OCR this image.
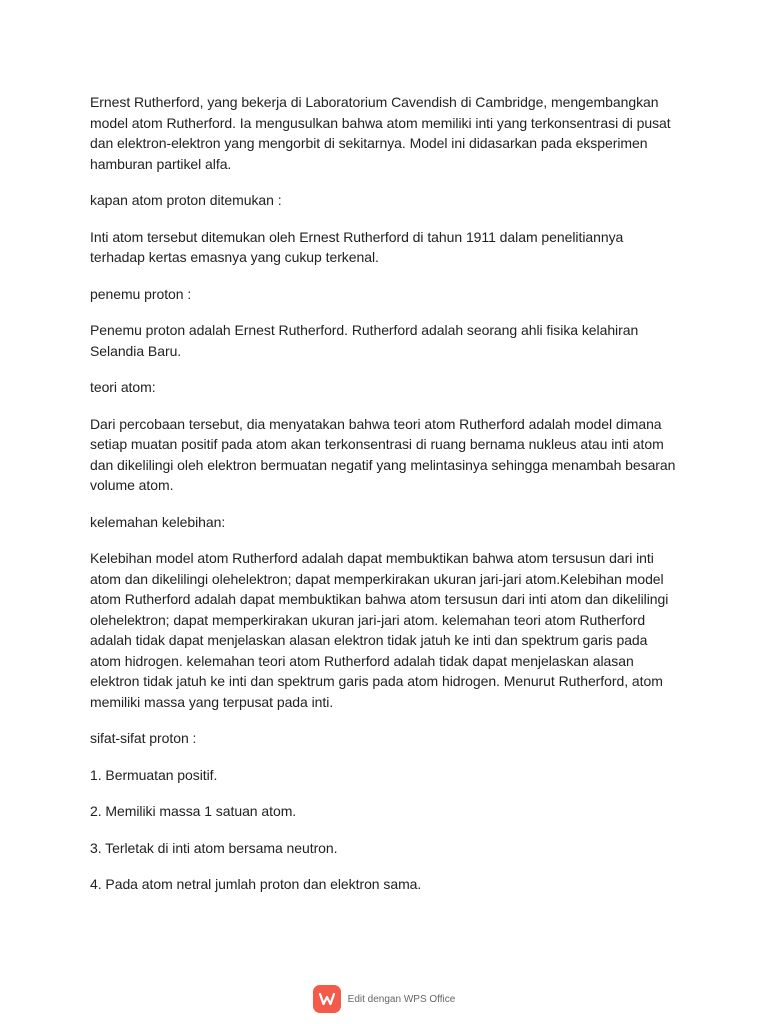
Ernest Rutherford, yang bekerja di Laboratorium Cavendish di Cambridge, mengembangkan model atom Rutherford. Ia mengusulkan bahwa atom memiliki inti yang terkonsentrasi di pusat dan elektron-elektron yang mengorbit di sekitarnya. Model ini didasarkan pada eksperimen hamburan partikel alfa.

kapan atom proton ditemukan :

Inti atom tersebut ditemukan oleh Ernest Rutherford di tahun 1911 dalam penelitiannya terhadap kertas emasnya yang cukup terkenal.

penemu proton :

Penemu proton adalah Ernest Rutherford. Rutherford adalah seorang ahli fisika kelahiran Selandia Baru.

teori atom:

Dari percobaan tersebut, dia menyatakan bahwa teori atom Rutherford adalah model dimana setiap muatan positif pada atom akan terkonsentrasi di ruang bernama nukleus atau inti atom dan dikelilingi oleh elektron bermuatan negatif yang melintasinya sehingga menambah besaran volume atom.

kelemahan kelebihan:

Kelebihan model atom Rutherford adalah dapat membuktikan bahwa atom tersusun dari inti atom dan dikelilingi olehelektron; dapat memperkirakan ukuran jari-jari atom.Kelebihan model atom Rutherford adalah dapat membuktikan bahwa atom tersusun dari inti atom dan dikelilingi olehelektron; dapat memperkirakan ukuran jari-jari atom. kelemahan teori atom Rutherford adalah tidak dapat menjelaskan alasan elektron tidak jatuh ke inti dan spektrum garis pada atom hidrogen. kelemahan teori atom Rutherford adalah tidak dapat menjelaskan alasan elektron tidak jatuh ke inti dan spektrum garis pada atom hidrogen. Menurut Rutherford, atom memiliki massa yang terpusat pada inti.

sifat-sifat proton :

1. Bermuatan positif.

2. Memiliki massa 1 satuan atom.

3. Terletak di inti atom bersama neutron.

4. Pada atom netral jumlah proton dan elektron sama.

Edit dengan WPS Office
